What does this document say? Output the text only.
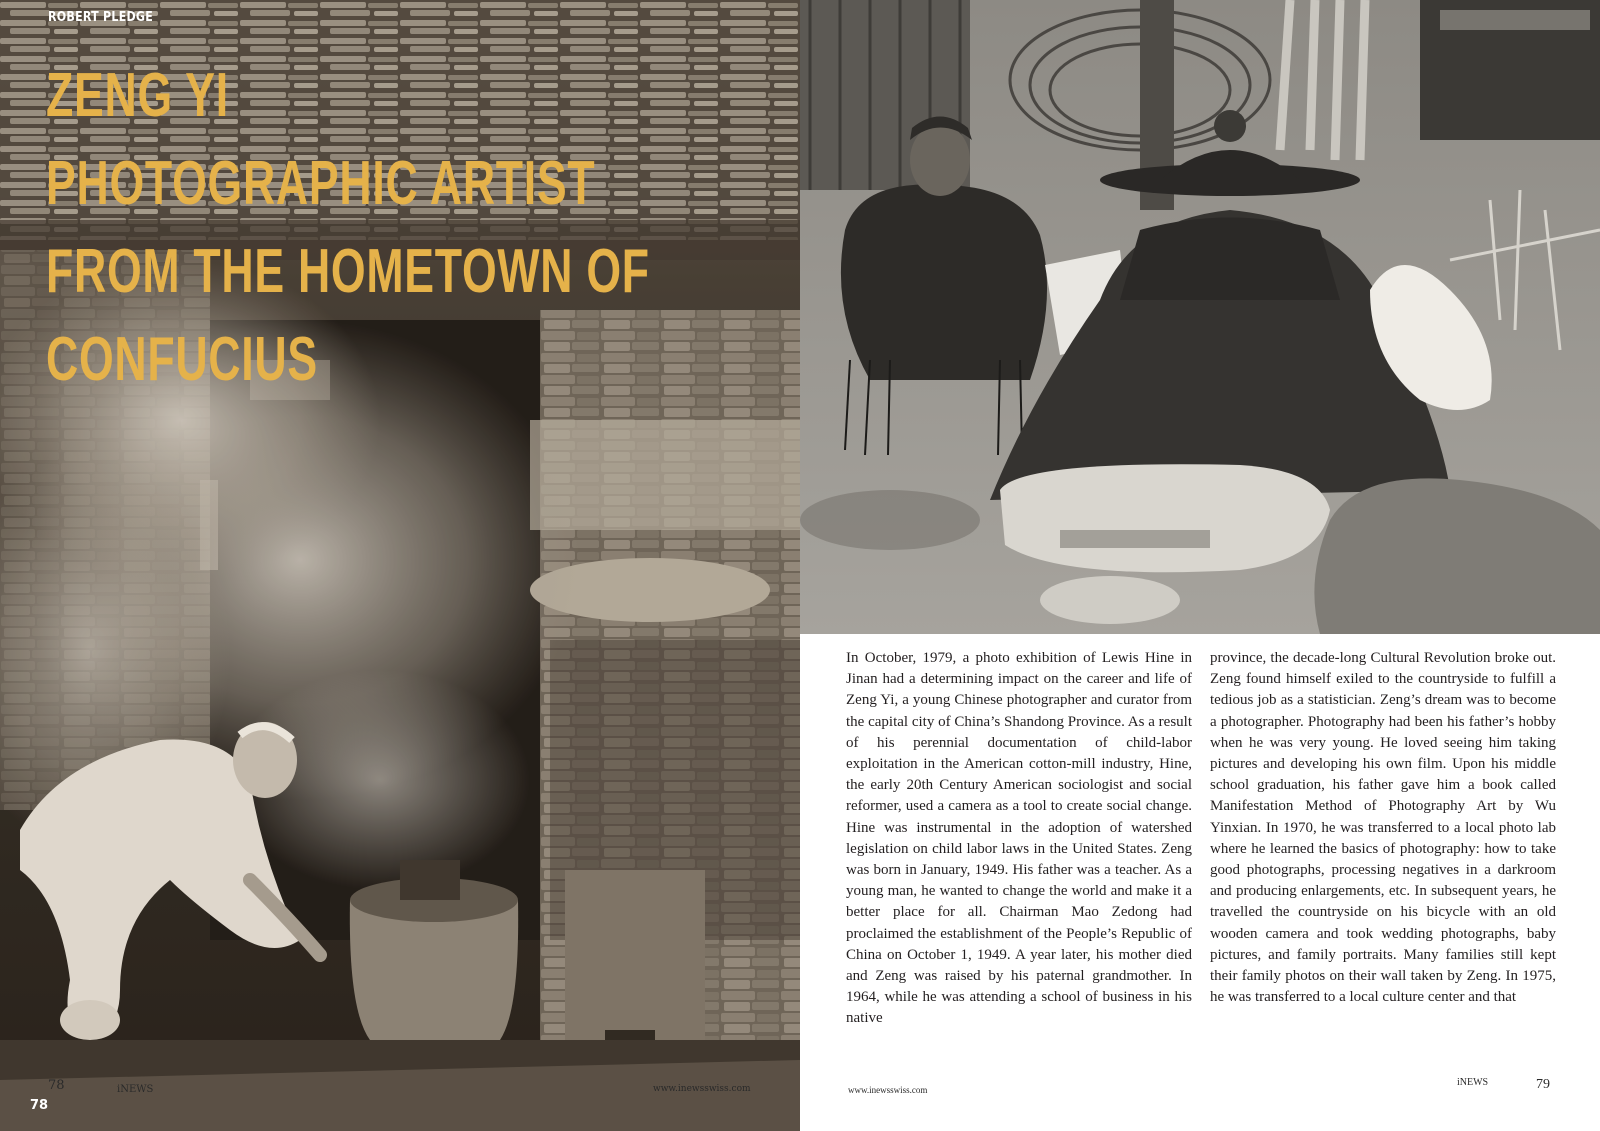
ROBERT PLEDGE
ZENG YI
PHOTOGRAPHIC ARTIST
FROM THE HOMETOWN OF
CONFUCIUS
78
78
iNEWS	www.inewsswiss.com

In October, 1979, a photo exhibition of Lewis Hine in Jinan had a determining impact on the career and life of Zeng Yi, a young Chinese photographer and curator from the capital city of China’s Shandong Province. As a result of his perennial documentation of child-labor exploitation in the American cotton-mill industry, Hine, the early 20th Century American sociologist and social reformer, used a camera as a tool to create social change. Hine was instrumental in the adoption of watershed legislation on child labor laws in the United States. Zeng was born in January, 1949. His father was a teacher. As a young man, he wanted to change the world and make it a better place for all. Chairman Mao Zedong had proclaimed the establishment of the People’s Republic of China on October 1, 1949. A year later, his mother died and Zeng was raised by his paternal grandmother. In 1964, while he was attending a school of business in his native

province, the decade-long Cultural Revolution broke out. Zeng found himself exiled to the countryside to fulfill a tedious job as a statistician. Zeng’s dream was to become a photographer. Photography had been his father’s hobby when he was very young. He loved seeing him taking pictures and developing his own film. Upon his middle school graduation, his father gave him a book called Manifestation Method of Photography Art by Wu Yinxian. In 1970, he was transferred to a local photo lab where he learned the basics of photography: how to take good photographs, processing negatives in a darkroom and producing enlargements, etc. In subsequent years, he travelled the countryside on his bicycle with an old wooden camera and took wedding photographs, baby pictures, and family portraits. Many families still kept their family photos on their wall taken by Zeng. In 1975, he was transferred to a local culture center and that

www.inewsswiss.com
iNEWS	79
